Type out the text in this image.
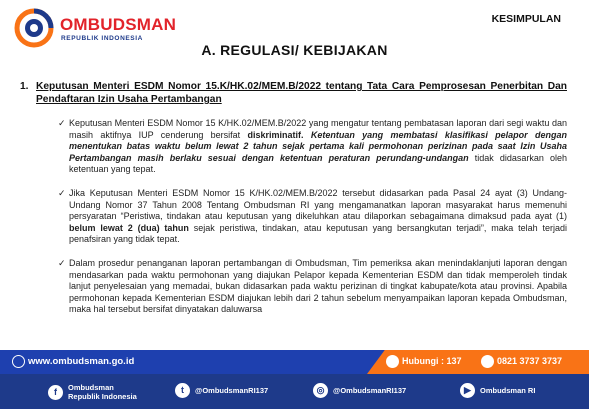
OMBUDSMAN
REPUBLIK INDONESIA
KESIMPULAN
A. REGULASI/ KEBIJAKAN
1. Keputusan Menteri ESDM Nomor 15.K/HK.02/MEM.B/2022 tentang Tata Cara Pemprosesan Penerbitan Dan Pendaftaran Izin Usaha Pertambangan
✓ Keputusan Menteri ESDM Nomor 15 K/HK.02/MEM.B/2022 yang mengatur tentang pembatasan laporan dari segi waktu dan masih aktifnya IUP cenderung bersifat diskriminatif. Ketentuan yang membatasi klasifikasi pelapor dengan menentukan batas waktu belum lewat 2 tahun sejak pertama kali permohonan perizinan pada saat Izin Usaha Pertambangan masih berlaku sesuai dengan ketentuan peraturan perundang-undangan tidak didasarkan oleh ketentuan yang tepat.
✓ Jika Keputusan Menteri ESDM Nomor 15 K/HK.02/MEM.B/2022 tersebut didasarkan pada Pasal 24 ayat (3) Undang-Undang Nomor 37 Tahun 2008 Tentang Ombudsman RI yang mengamanatkan laporan masyarakat harus memenuhi persyaratan “Peristiwa, tindakan atau keputusan yang dikeluhkan atau dilaporkan sebagaimana dimaksud pada ayat (1) belum lewat 2 (dua) tahun sejak peristiwa, tindakan, atau keputusan yang bersangkutan terjadi”, maka telah terjadi penafsiran yang tidak tepat.
✓ Dalam prosedur penanganan laporan pertambangan di Ombudsman, Tim pemeriksa akan menindaklanjuti laporan dengan mendasarkan pada waktu permohonan yang diajukan Pelapor kepada Kementerian ESDM dan tidak memperoleh tindak lanjut penyelesaian yang memadai, bukan didasarkan pada waktu perizinan di tingkat kabupate/kota atau provinsi. Apabila permohonan kepada Kementerian ESDM diajukan lebih dari 2 tahun sebelum menyampaikan laporan kepada Ombudsman, maka hal tersebut bersifat dinyatakan daluwarsa
www.ombudsman.go.id	Hubungi : 137	0821 3737 3737
f	Ombudsman
Republik Indonesia
t	@OmbudsmanRI137	◎	@OmbudsmanRI137	▶	Ombudsman RI
